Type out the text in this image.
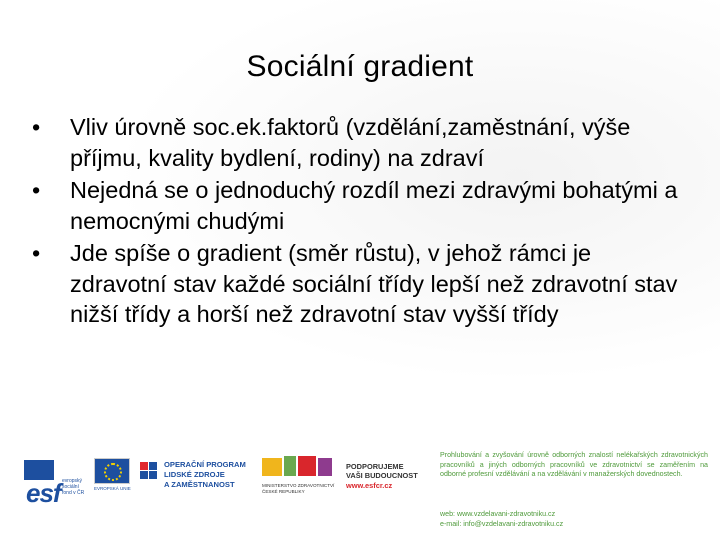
Sociální gradient
• Vliv úrovně soc.ek.faktorů (vzdělání,zaměstnání, výše příjmu, kvality bydlení, rodiny) na zdraví
• Nejedná se o jednoduchý rozdíl mezi zdravými bohatými a nemocnými chudými
• Jde spíše o gradient (směr růstu), v jehož rámci je zdravotní stav každé sociální třídy lepší než zdravotní stav nižší třídy a horší než zdravotní stav vyšší třídy
esf evropský sociální fond v ČR
EVROPSKÁ UNIE
OPERAČNÍ PROGRAM
LIDSKÉ ZDROJE
A ZAMĚSTNANOST	MINISTERSTVO ZDRAVOTNICTVÍ
ČESKÉ REPUBLIKY
PODPORUJEME
VAŠI BUDOUCNOST
www.esfcr.cz
Prohlubování a zvyšování úrovně odborných znalostí nelékařských zdravotnických pracovníků a jiných odborných pracovníků ve zdravotnictví se zaměřením na odborné profesní vzdělávání a na vzdělávání v manažerských dovednostech.
web: www.vzdelavani-zdravotniku.cz
e-mail: info@vzdelavani-zdravotniku.cz
